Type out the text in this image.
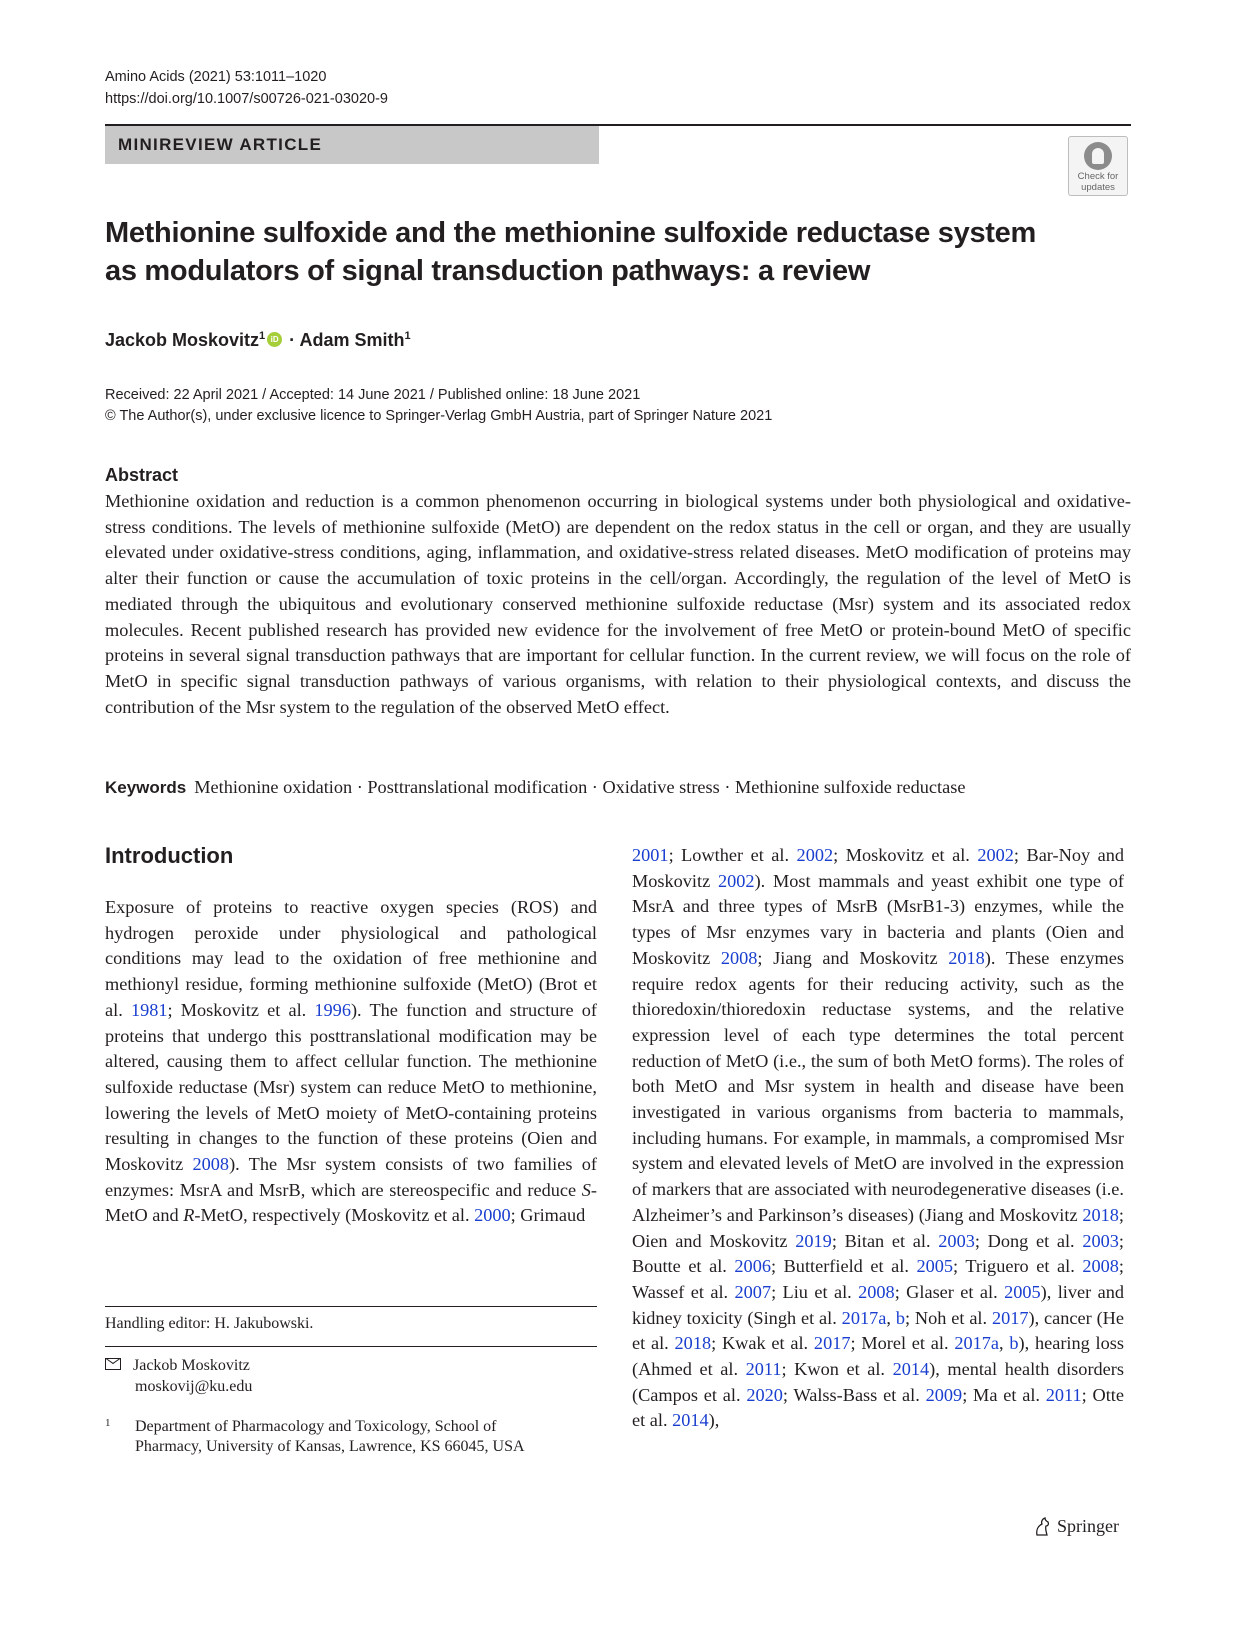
Amino Acids (2021) 53:1011–1020
https://doi.org/10.1007/s00726-021-03020-9
MINIREVIEW ARTICLE
Check for updates
Methionine sulfoxide and the methionine sulfoxide reductase system
as modulators of signal transduction pathways: a review
Jackob Moskovitz$^1$iD · Adam Smith$^1$
Received: 22 April 2021 / Accepted: 14 June 2021 / Published online: 18 June 2021
© The Author(s), under exclusive licence to Springer-Verlag GmbH Austria, part of Springer Nature 2021
Abstract
Methionine oxidation and reduction is a common phenomenon occurring in biological systems under both physiological and oxidative-stress conditions. The levels of methionine sulfoxide (MetO) are dependent on the redox status in the cell or organ, and they are usually elevated under oxidative-stress conditions, aging, inflammation, and oxidative-stress related diseases. MetO modification of proteins may alter their function or cause the accumulation of toxic proteins in the cell/organ. Accordingly, the regulation of the level of MetO is mediated through the ubiquitous and evolutionary conserved methionine sulfoxide reductase (Msr) system and its associated redox molecules. Recent published research has provided new evidence for the involvement of free MetO or protein-bound MetO of specific proteins in several signal transduction pathways that are important for cellular function. In the current review, we will focus on the role of MetO in specific signal transduction pathways of various organisms, with relation to their physiological contexts, and discuss the contribution of the Msr system to the regulation of the observed MetO effect.
Keywords Methionine oxidation · Posttranslational modification · Oxidative stress · Methionine sulfoxide reductase
Introduction

Exposure of proteins to reactive oxygen species (ROS) and hydrogen peroxide under physiological and pathological conditions may lead to the oxidation of free methionine and methionyl residue, forming methionine sulfoxide (MetO) (Brot et al. 1981; Moskovitz et al. 1996). The function and structure of proteins that undergo this posttranslational modification may be altered, causing them to affect cellular function. The methionine sulfoxide reductase (Msr) system can reduce MetO to methionine, lowering the levels of MetO moiety of MetO-containing proteins resulting in changes to the function of these proteins (Oien and Moskovitz 2008). The Msr system consists of two families of enzymes: MsrA and MsrB, which are stereospecific and reduce S-MetO and R-MetO, respectively (Moskovitz et al. 2000; Grimaud

2001; Lowther et al. 2002; Moskovitz et al. 2002; Bar-Noy and Moskovitz 2002). Most mammals and yeast exhibit one type of MsrA and three types of MsrB (MsrB1-3) enzymes, while the types of Msr enzymes vary in bacteria and plants (Oien and Moskovitz 2008; Jiang and Moskovitz 2018). These enzymes require redox agents for their reducing activity, such as the thioredoxin/thioredoxin reductase systems, and the relative expression level of each type determines the total percent reduction of MetO (i.e., the sum of both MetO forms). The roles of both MetO and Msr system in health and disease have been investigated in various organisms from bacteria to mammals, including humans. For example, in mammals, a compromised Msr system and elevated levels of MetO are involved in the expression of markers that are associated with neurodegenerative diseases (i.e. Alzheimer’s and Parkinson’s diseases) (Jiang and Moskovitz 2018; Oien and Moskovitz 2019; Bitan et al. 2003; Dong et al. 2003; Boutte et al. 2006; Butterfield et al. 2005; Triguero et al. 2008; Wassef et al. 2007; Liu et al. 2008; Glaser et al. 2005), liver and kidney toxicity (Singh et al. 2017a, b; Noh et al. 2017), cancer (He et al. 2018; Kwak et al. 2017; Morel et al. 2017a, b), hearing loss (Ahmed et al. 2011; Kwon et al. 2014), mental health disorders (Campos et al. 2020; Walss-Bass et al. 2009; Ma et al. 2011; Otte et al. 2014),

Handling editor: H. Jakubowski.
Jackob Moskovitz
moskovij@ku.edu
1	Department of Pharmacology and Toxicology, School of Pharmacy, University of Kansas, Lawrence, KS 66045, USA
Springer
